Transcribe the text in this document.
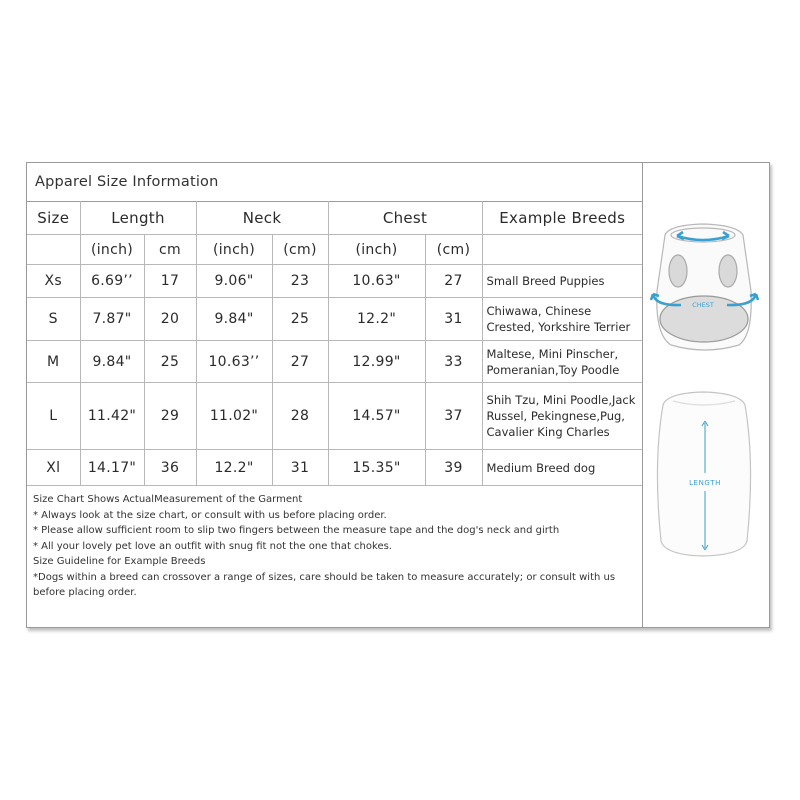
Apparel Size Information
Size	Length		Neck		Chest		Example Breeds
	(inch)	cm	(inch)	(cm)	(inch)	(cm)	
Xs	6.69’’	17	9.06"	23	10.63"	27	Small Breed Puppies
S	7.87"	20	9.84"	25	12.2"	31	Chiwawa, Chinese Crested, Yorkshire Terrier
M	9.84"	25	10.63’’	27	12.99"	33	Maltese, Mini Pinscher, Pomeranian,Toy Poodle
L	11.42"	29	11.02"	28	14.57"	37	Shih Tzu, Mini Poodle,Jack Russel, Pekingnese,Pug, Cavalier King Charles
Xl	14.17"	36	12.2"	31	15.35"	39	Medium Breed dog
Size Chart Shows ActualMeasurement of the Garment
* Always look at the size chart, or consult with us before placing order.
* Please allow sufficient room to slip two fingers between the measure tape and the dog's neck and girth
* All your lovely pet love an outfit with snug fit not the one that chokes.
Size Guideline for Example Breeds
*Dogs within a breed can crossover a range of sizes, care should be taken to measure accurately; or consult with us before placing order.
CHEST
LENGTH
